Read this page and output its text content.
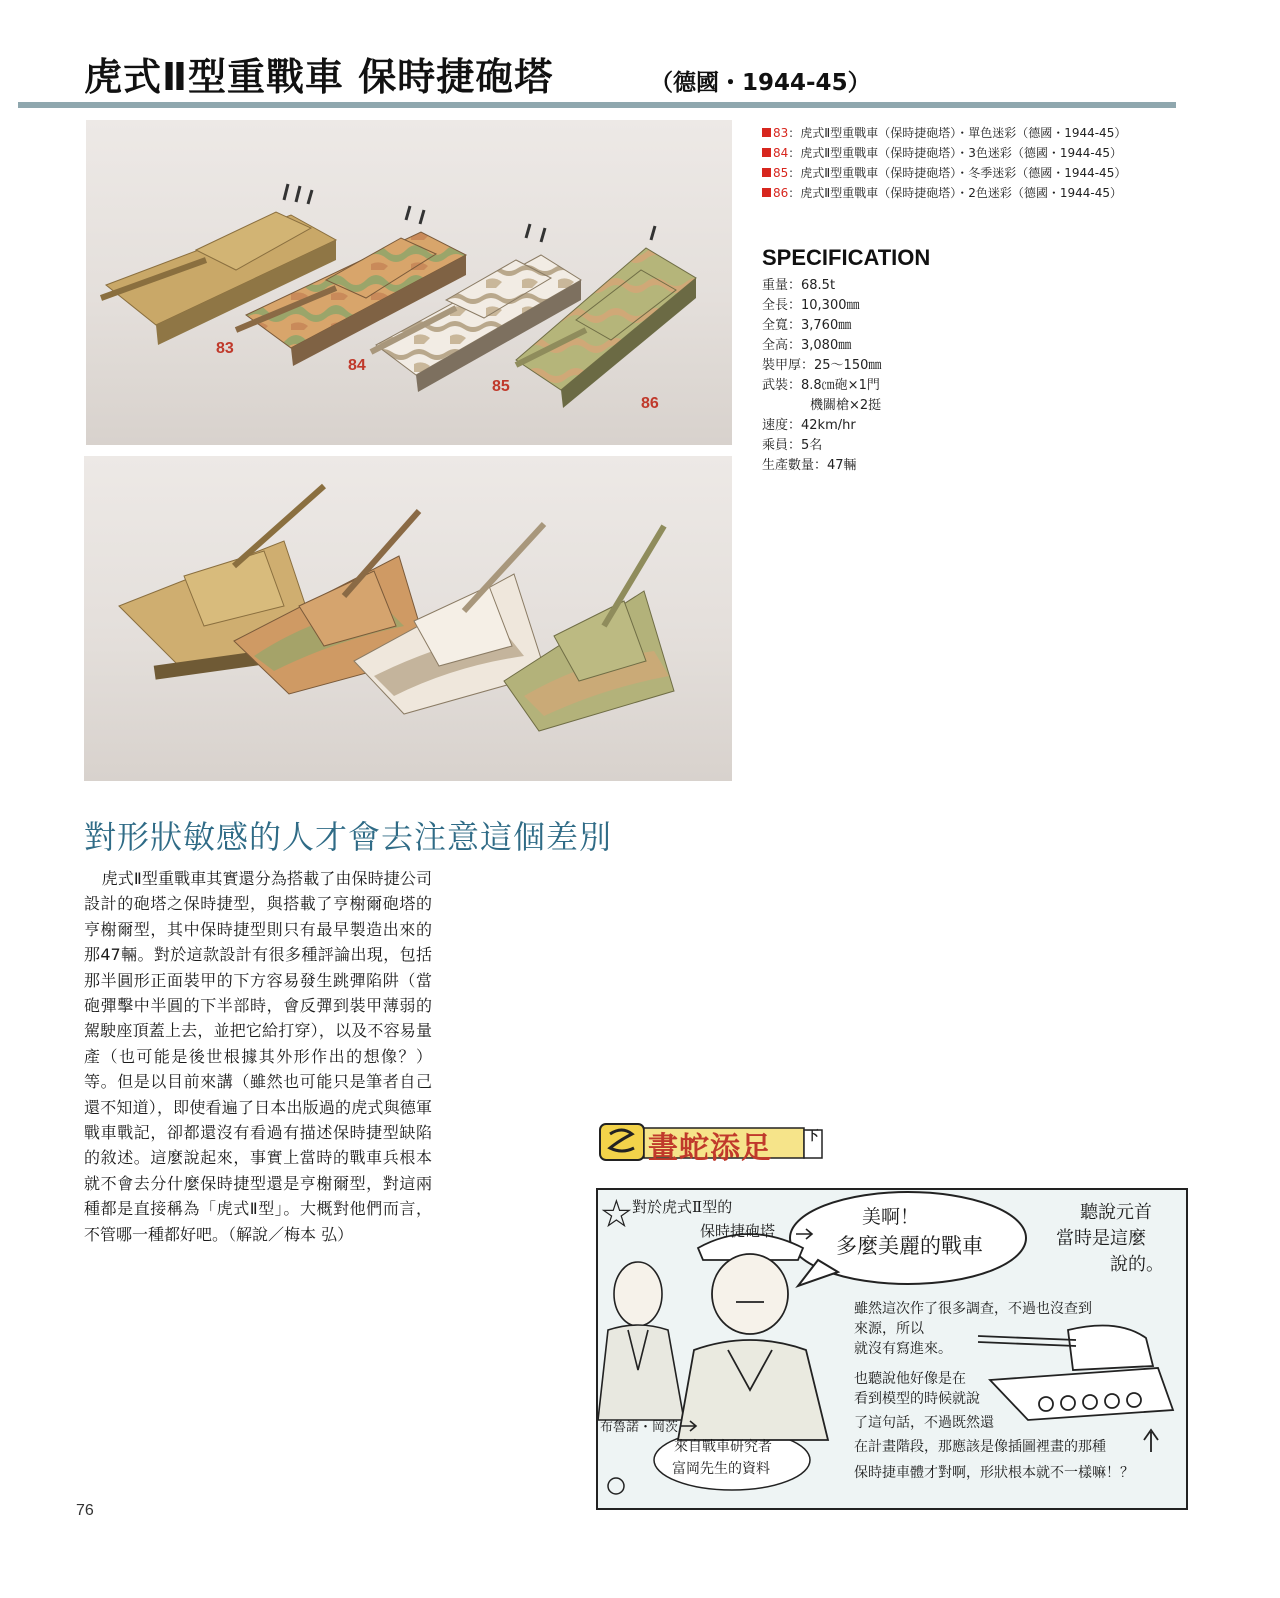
虎式Ⅱ型重戰車 保時捷砲塔	（德國・1944-45）
83
84
85
86
83：虎式Ⅱ型重戰車（保時捷砲塔）・單色迷彩（德國・1944-45）
84：虎式Ⅱ型重戰車（保時捷砲塔）・3色迷彩（德國・1944-45）
85：虎式Ⅱ型重戰車（保時捷砲塔）・冬季迷彩（德國・1944-45）
86：虎式Ⅱ型重戰車（保時捷砲塔）・2色迷彩（德國・1944-45）
SPECIFICATION
重量：68.5t
全長：10,300㎜
全寬：3,760㎜
全高：3,080㎜
裝甲厚：25～150㎜
武裝：8.8㎝砲×1門
機關槍×2挺
速度：42km/hr
乘員：5名
生產數量：47輛
對形狀敏感的人才會去注意這個差別

虎式Ⅱ型重戰車其實還分為搭載了由保時捷公司設計的砲塔之保時捷型，與搭載了亨榭爾砲塔的亨榭爾型，其中保時捷型則只有最早製造出來的那47輛。對於這款設計有很多種評論出現，包括那半圓形正面裝甲的下方容易發生跳彈陷阱（當砲彈擊中半圓的下半部時，會反彈到裝甲薄弱的駕駛座頂蓋上去，並把它給打穿），以及不容易量產（也可能是後世根據其外形作出的想像？）等。但是以目前來講（雖然也可能只是筆者自己還不知道），即使看遍了日本出版過的虎式與德軍戰車戰記，卻都還沒有看過有描述保時捷型缺陷的敘述。這麼說起來，事實上當時的戰車兵根本就不會去分什麼保時捷型還是亨榭爾型，對這兩種都是直接稱為「虎式Ⅱ型」。大概對他們而言，不管哪一種都好吧。（解說／梅本 弘）

76
畫蛇添足	下
對於虎式Ⅱ型的
保時捷砲塔
美啊！
多麼美麗的戰車
聽說元首
當時是這麼
說的。
雖然這次作了很多調查，不過也沒查到
來源，所以
就沒有寫進來。
也聽說他好像是在
看到模型的時候就說
了這句話，不過既然還
在計畫階段，那應該是像插圖裡畫的那種
保時捷車體才對啊，形狀根本就不一樣嘛！？
布魯諾・岡茨
來自戰車研究者
富岡先生的資料
